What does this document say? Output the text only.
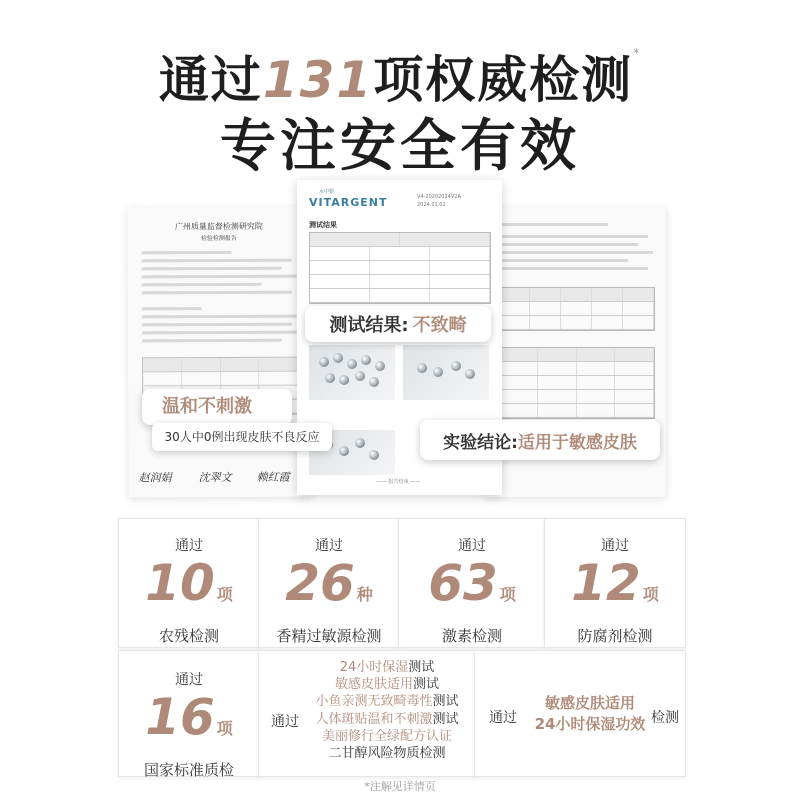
通过131项权威检测*
专注安全有效
广州质量监督检测研究院
检验检测报告
赵润娟 沈翠文 赖红霞
水中银
VITARGENT	V4-20202024V2A
2024.01.02
测试结果
—— 报告结束 ——
测试结果: 不致畸
温和不刺激
30人中0例出现皮肤不良反应	实验结论: 适用于敏感皮肤
通过
10 项
农残检测
通过
26 种
香精过敏源检测
通过
63 项
激素检测
通过
12 项
防腐剂检测
通过
16 项
国家标准质检
通过
24小时保湿测试
敏感皮肤适用测试
小鱼亲测无致畸毒性测试
人体斑贴温和不刺激测试
美丽修行全绿配方认证
二甘醇风险物质检测
通过
敏感皮肤适用
24小时保湿功效 检测
*注解见详情页
